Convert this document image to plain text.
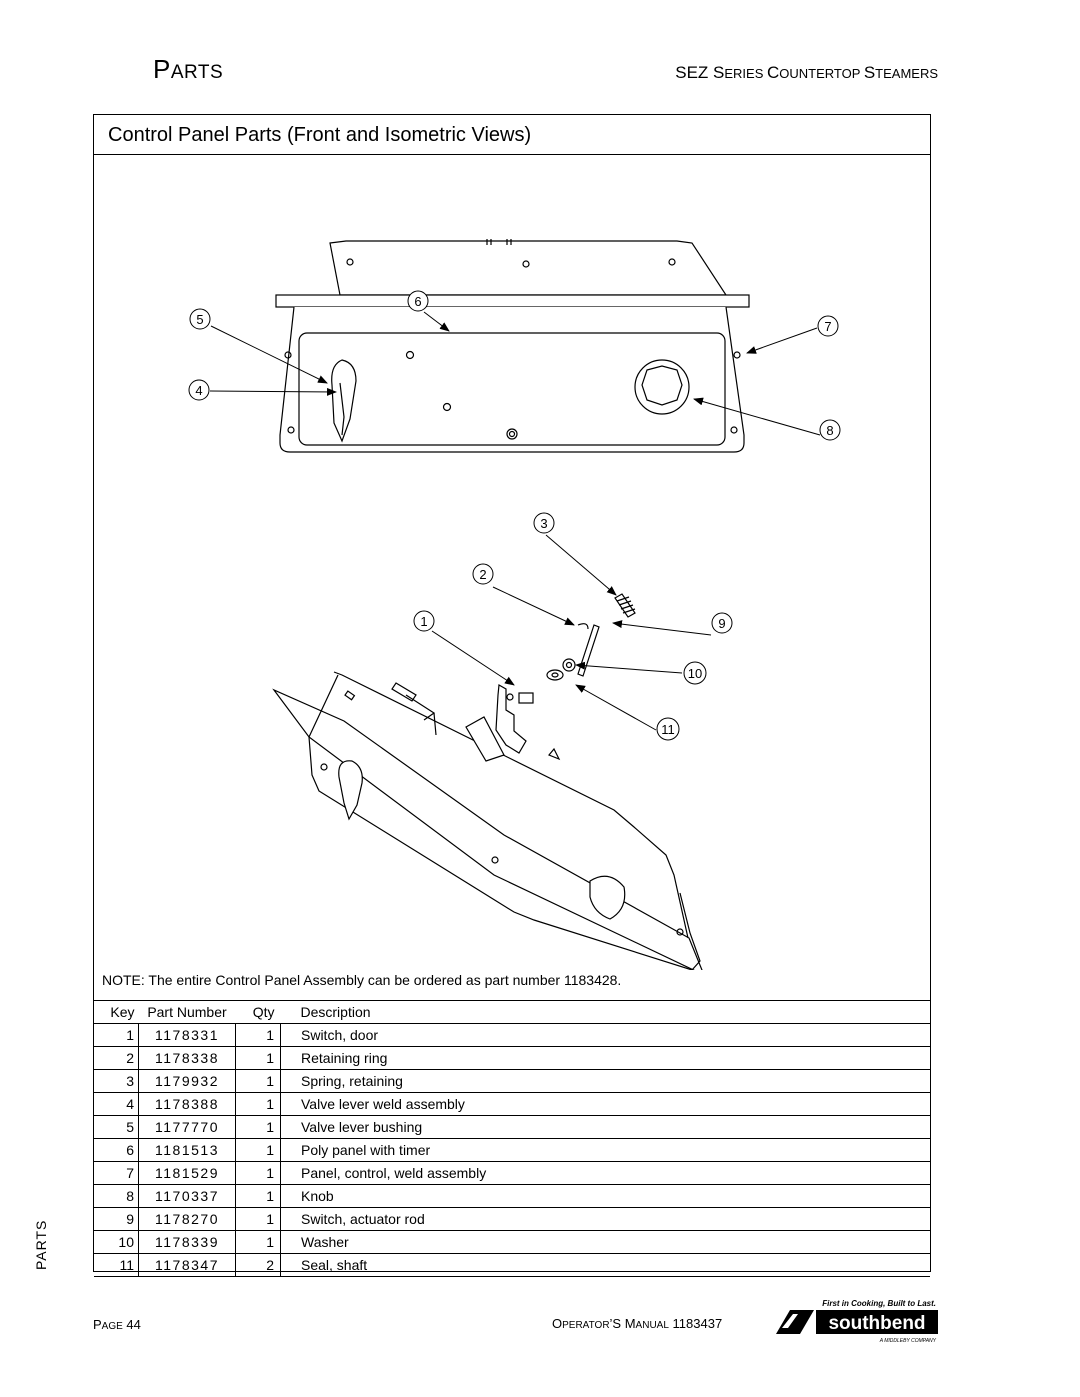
PARTS	SEZ SERIES COUNTERTOP STEAMERS
Control Panel Parts (Front and Isometric Views)
6
5
4
7
8
3
2
1	9
10
11
NOTE: The entire Control Panel Assembly can be ordered as part number 1183428.
Key	Part Number	Qty	Description
1	1178331	1	Switch, door
2	1178338	1	Retaining ring
3	1179932	1	Spring, retaining
4	1178388	1	Valve lever weld assembly
5	1177770	1	Valve lever bushing
6	1181513	1	Poly panel with timer
7	1181529	1	Panel, control, weld assembly
8	1170337	1	Knob
9	1178270	1	Switch, actuator rod
10	1178339	1	Washer
11	1178347	2	Seal, shaft
PARTS
PAGE 44	OPERATOR’S MANUAL 1183437
First in Cooking, Built to Last.
southbend
A MIDDLEBY COMPANY
